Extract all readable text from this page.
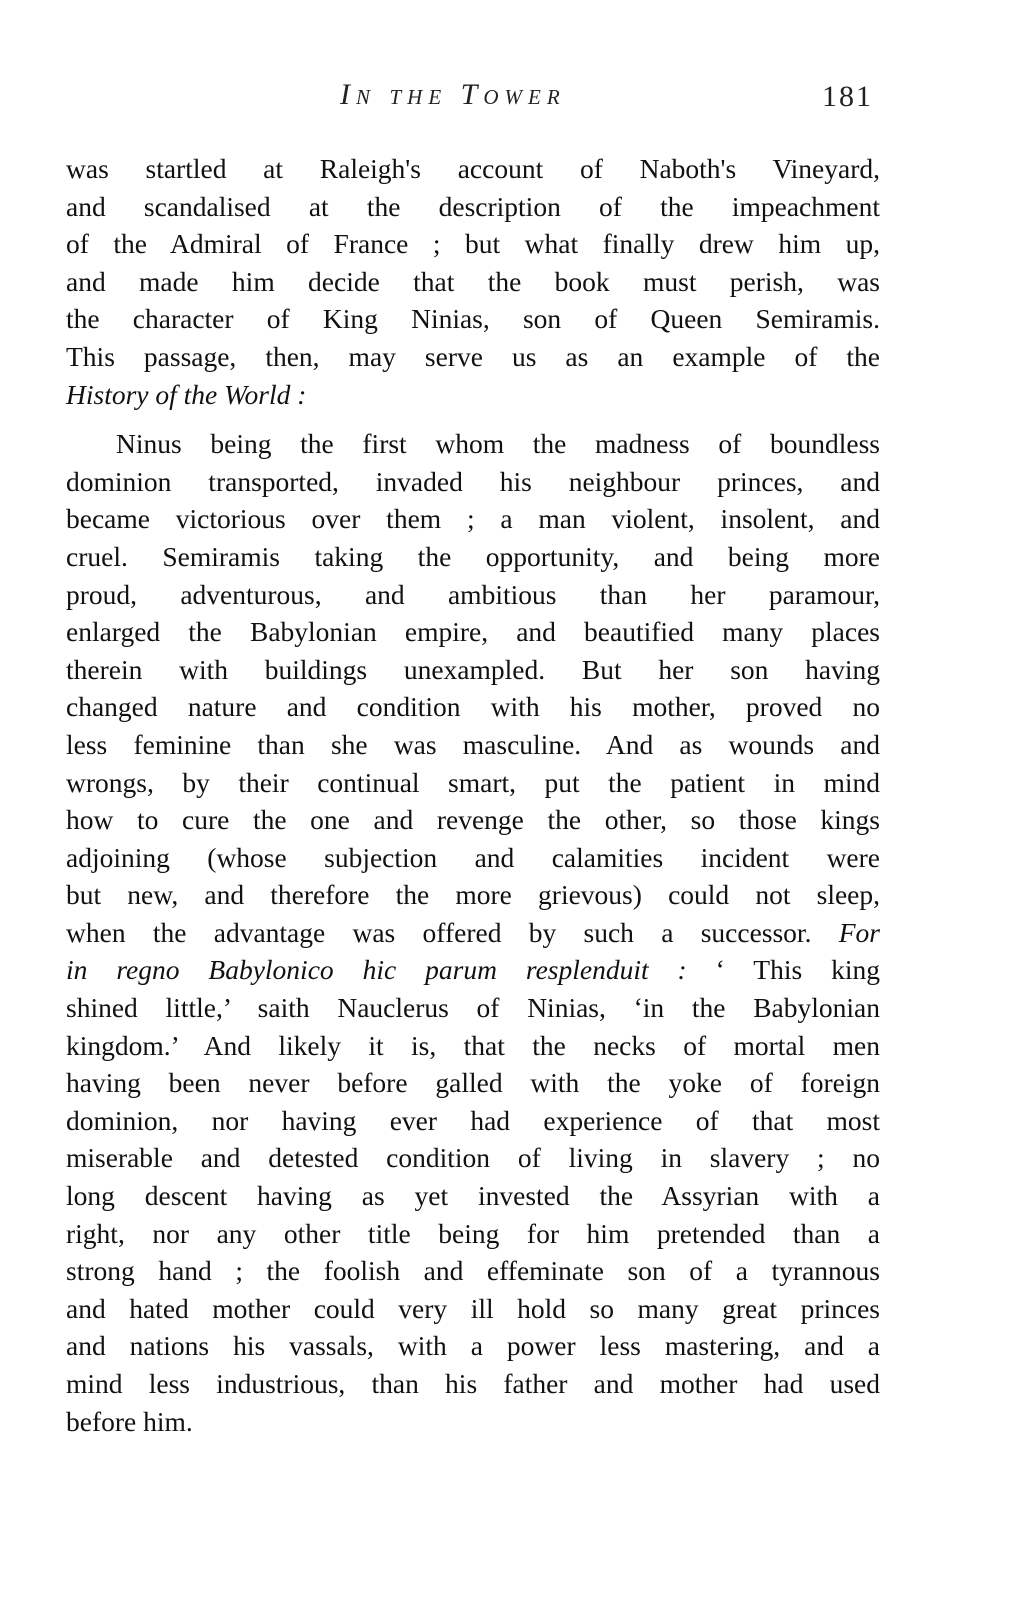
In the Tower	181
was startled at Raleigh's account of Naboth's Vineyard,
and scandalised at the description of the impeachment
of the Admiral of France ; but what finally drew him up,
and made him decide that the book must perish, was
the character of King Ninias, son of Queen Semiramis.
This passage, then, may serve us as an example of the
History of the World :
Ninus being the first whom the madness of boundless
dominion transported, invaded his neighbour princes, and
became victorious over them ; a man violent, insolent, and
cruel. Semiramis taking the opportunity, and being more
proud, adventurous, and ambitious than her paramour,
enlarged the Babylonian empire, and beautified many places
therein with buildings unexampled. But her son having
changed nature and condition with his mother, proved no
less feminine than she was masculine. And as wounds and
wrongs, by their continual smart, put the patient in mind
how to cure the one and revenge the other, so those kings
adjoining (whose subjection and calamities incident were
but new, and therefore the more grievous) could not sleep,
when the advantage was offered by such a successor. For
in regno Babylonico hic parum resplenduit : ‘ This king
shined little,’ saith Nauclerus of Ninias, ‘in the Babylonian
kingdom.’ And likely it is, that the necks of mortal men
having been never before galled with the yoke of foreign
dominion, nor having ever had experience of that most
miserable and detested condition of living in slavery ; no
long descent having as yet invested the Assyrian with a
right, nor any other title being for him pretended than a
strong hand ; the foolish and effeminate son of a tyrannous
and hated mother could very ill hold so many great princes
and nations his vassals, with a power less mastering, and a
mind less industrious, than his father and mother had used
before him.
